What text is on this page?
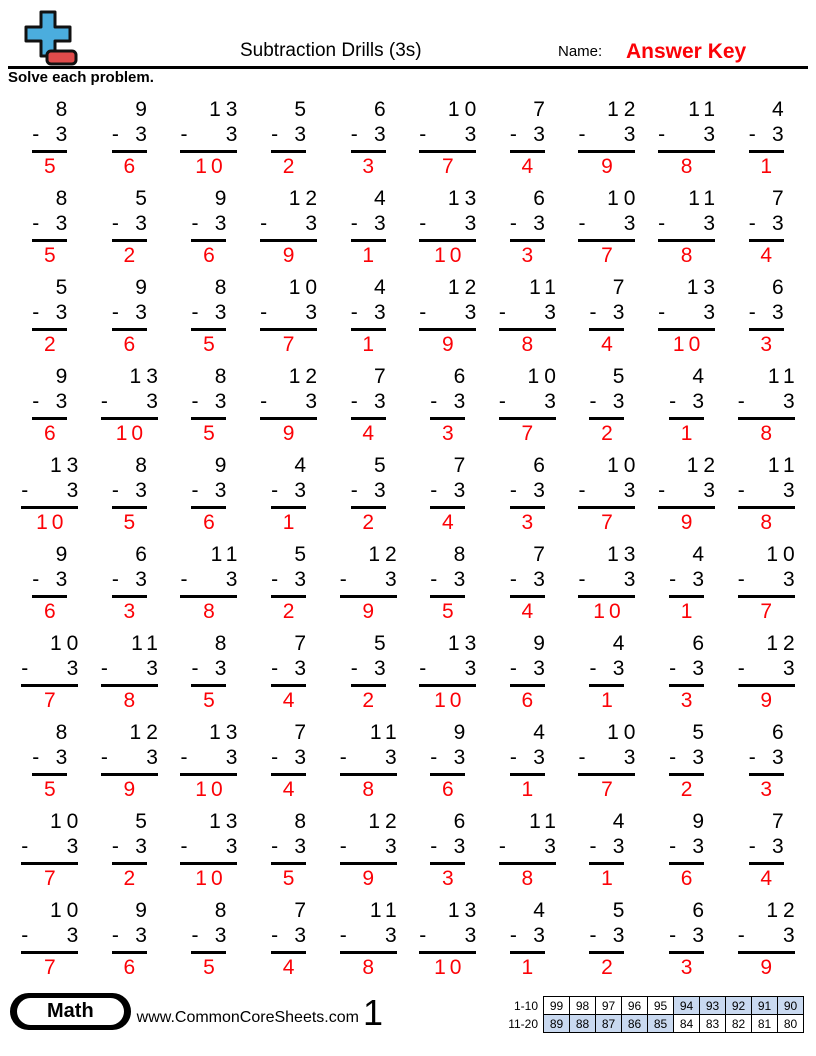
Subtraction Drills (3s)	Name: Answer Key
Solve each problem.
8
- 3
5
9
- 3
6
13
- 3
10
5
- 3
2
6
- 3
3
10
- 3
7
7
- 3
4
12
- 3
9
11
- 3
8
4
- 3
1
8
- 3
5
5
- 3
2
9
- 3
6
12
- 3
9
4
- 3
1
13
- 3
10
6
- 3
3
10
- 3
7
11
- 3
8
7
- 3
4
5
- 3
2
9
- 3
6
8
- 3
5
10
- 3
7
4
- 3
1
12
- 3
9
11
- 3
8
7
- 3
4
13
- 3
10
6
- 3
3
9
- 3
6
13
- 3
10
8
- 3
5
12
- 3
9
7
- 3
4
6
- 3
3
10
- 3
7
5
- 3
2
4
- 3
1
11
- 3
8
13
- 3
10
8
- 3
5
9
- 3
6
4
- 3
1
5
- 3
2
7
- 3
4
6
- 3
3
10
- 3
7
12
- 3
9
11
- 3
8
9
- 3
6
6
- 3
3
11
- 3
8
5
- 3
2
12
- 3
9
8
- 3
5
7
- 3
4
13
- 3
10
4
- 3
1
10
- 3
7
10
- 3
7
11
- 3
8
8
- 3
5
7
- 3
4
5
- 3
2
13
- 3
10
9
- 3
6
4
- 3
1
6
- 3
3
12
- 3
9
8
- 3
5
12
- 3
9
13
- 3
10
7
- 3
4
11
- 3
8
9
- 3
6
4
- 3
1
10
- 3
7
5
- 3
2
6
- 3
3
10
- 3
7
5
- 3
2
13
- 3
10
8
- 3
5
12
- 3
9
6
- 3
3
11
- 3
8
4
- 3
1
9
- 3
6
7
- 3
4
10
- 3
7
9
- 3
6
8
- 3
5
7
- 3
4
11
- 3
8
13
- 3
10
4
- 3
1
5
- 3
2
6
- 3
3
12
- 3
9
Math	www.CommonCoreSheets.com 1	1-10	99	98	97	96	95	94	93	92	91	90
11-20	89	88	87	86	85	84	83	82	81	80
